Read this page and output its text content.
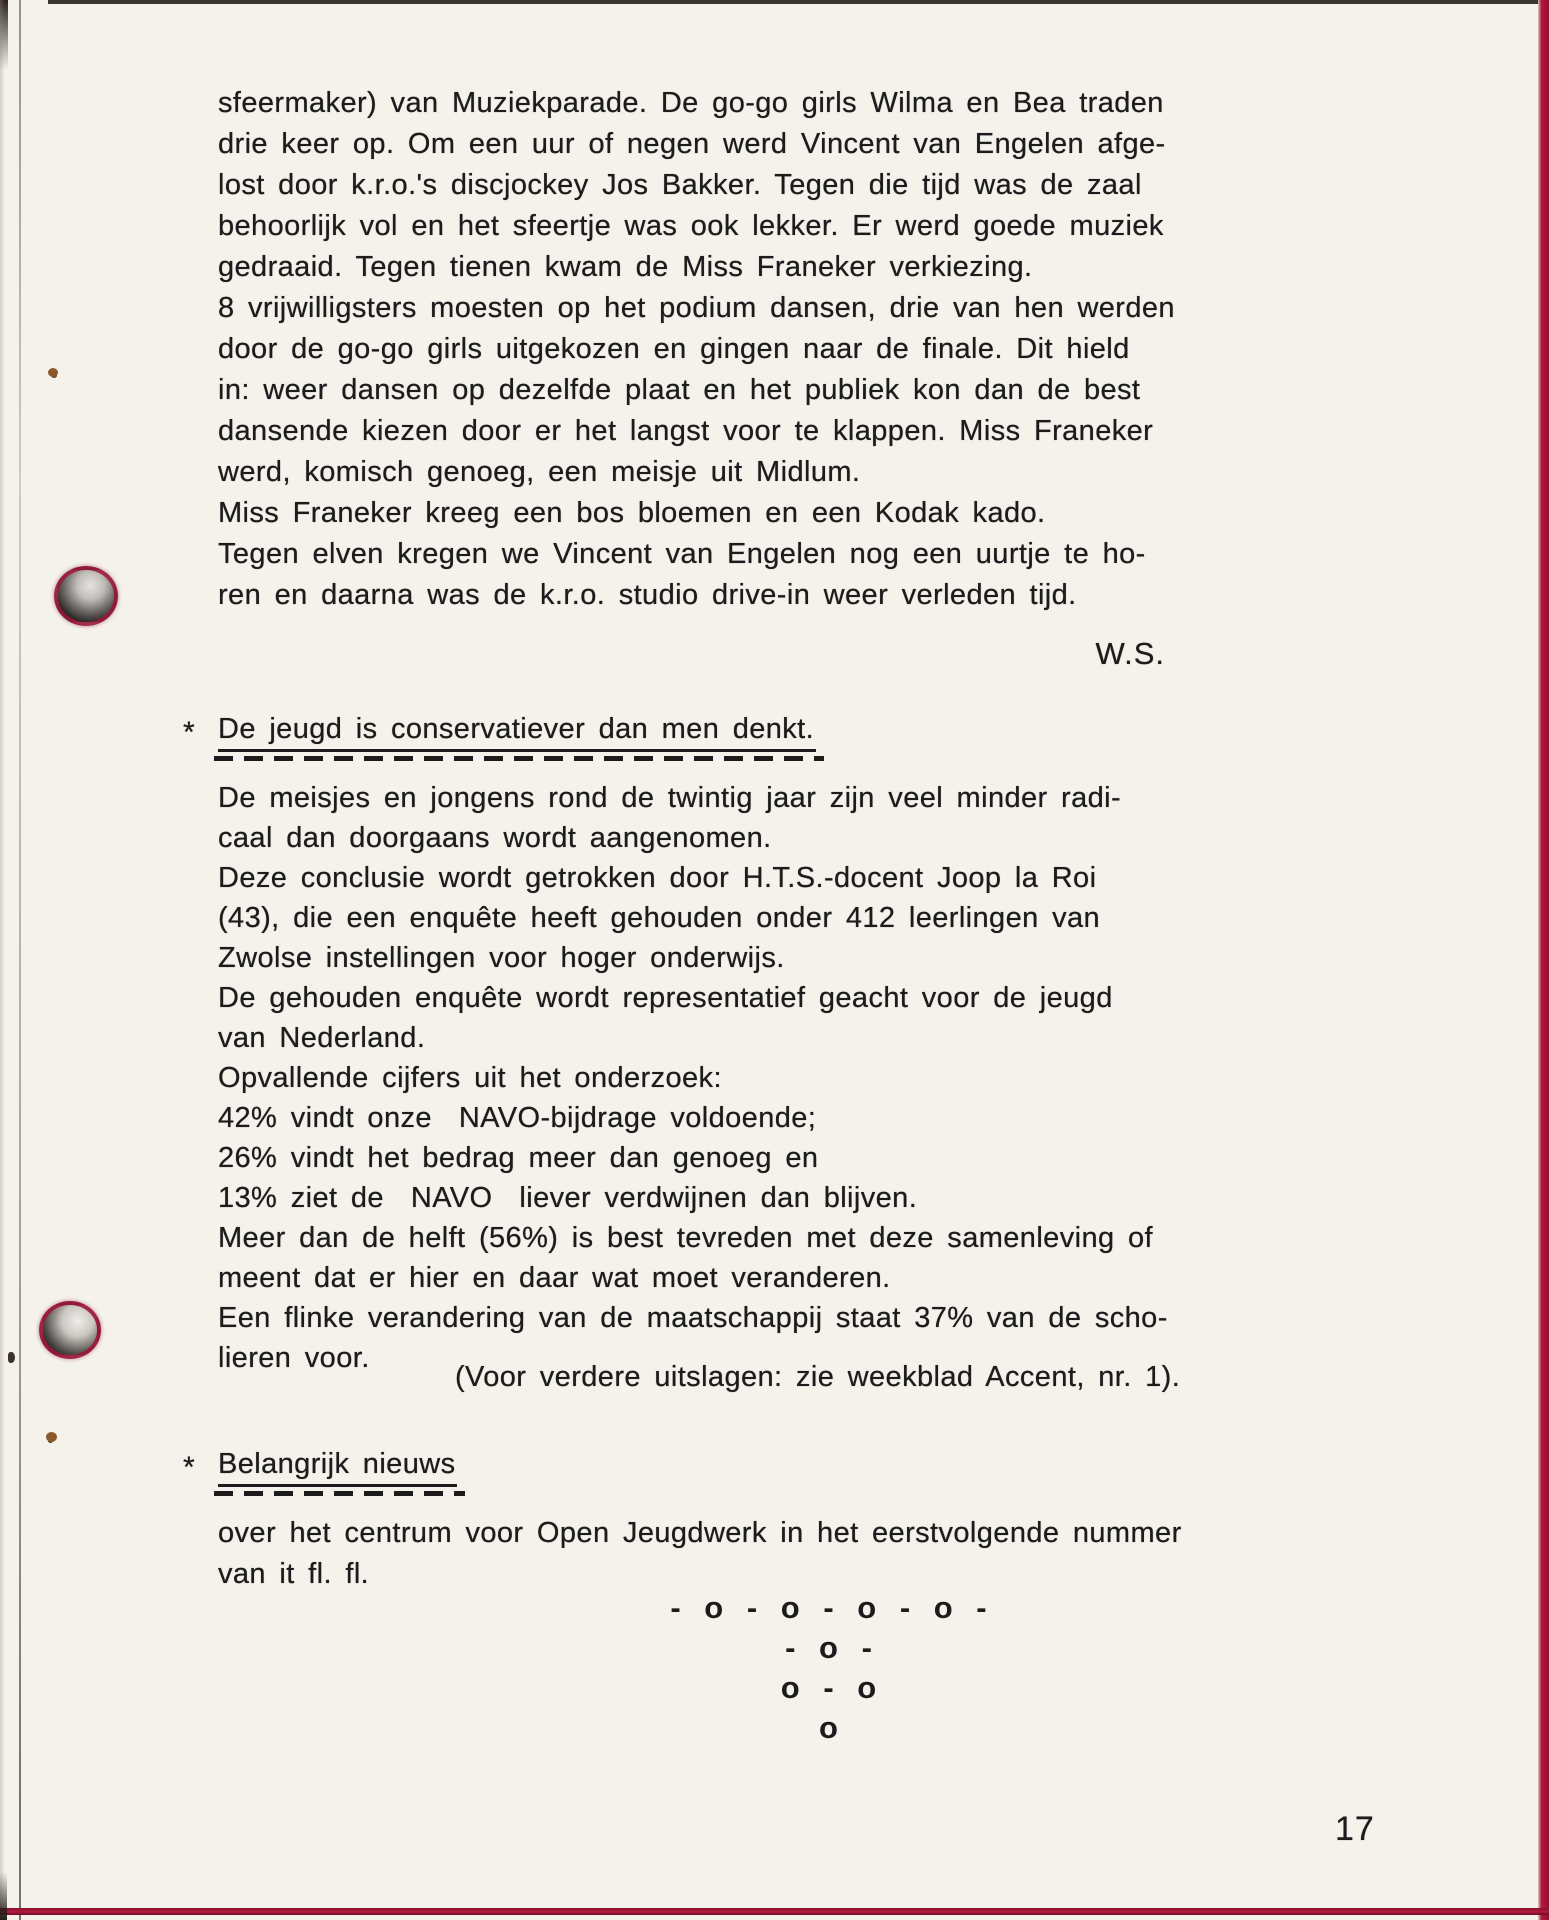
sfeermaker) van Muziekparade. De go-go girls Wilma en Bea traden
drie keer op. Om een uur of negen werd Vincent van Engelen afge-
lost door k.r.o.'s discjockey Jos Bakker. Tegen die tijd was de zaal
behoorlijk vol en het sfeertje was ook lekker. Er werd goede muziek
gedraaid. Tegen tienen kwam de Miss Franeker verkiezing.
8 vrijwilligsters moesten op het podium dansen, drie van hen werden
door de go-go girls uitgekozen en gingen naar de finale. Dit hield
in: weer dansen op dezelfde plaat en het publiek kon dan de best
dansende kiezen door er het langst voor te klappen. Miss Franeker
werd, komisch genoeg, een meisje uit Midlum.
Miss Franeker kreeg een bos bloemen en een Kodak kado.
Tegen elven kregen we Vincent van Engelen nog een uurtje te ho-
ren en daarna was de k.r.o. studio drive-in weer verleden tijd.
W.S.
* De jeugd is conservatiever dan men denkt.
De meisjes en jongens rond de twintig jaar zijn veel minder radi-
caal dan doorgaans wordt aangenomen.
Deze conclusie wordt getrokken door H.T.S.-docent Joop la Roi
(43), die een enquête heeft gehouden onder 412 leerlingen van
Zwolse instellingen voor hoger onderwijs.
De gehouden enquête wordt representatief geacht voor de jeugd
van Nederland.
Opvallende cijfers uit het onderzoek:
42% vindt onze  NAVO-bijdrage voldoende;
26% vindt het bedrag meer dan genoeg en
13% ziet de  NAVO  liever verdwijnen dan blijven.
Meer dan de helft (56%) is best tevreden met deze samenleving of
meent dat er hier en daar wat moet veranderen.
Een flinke verandering van de maatschappij staat 37% van de scho-
lieren voor.
(Voor verdere uitslagen: zie weekblad Accent, nr. 1).
* Belangrijk nieuws
over het centrum voor Open Jeugdwerk in het eerstvolgende nummer
van it fl. fl.
- o - o - o - o -
- o -
o - o
o
17
